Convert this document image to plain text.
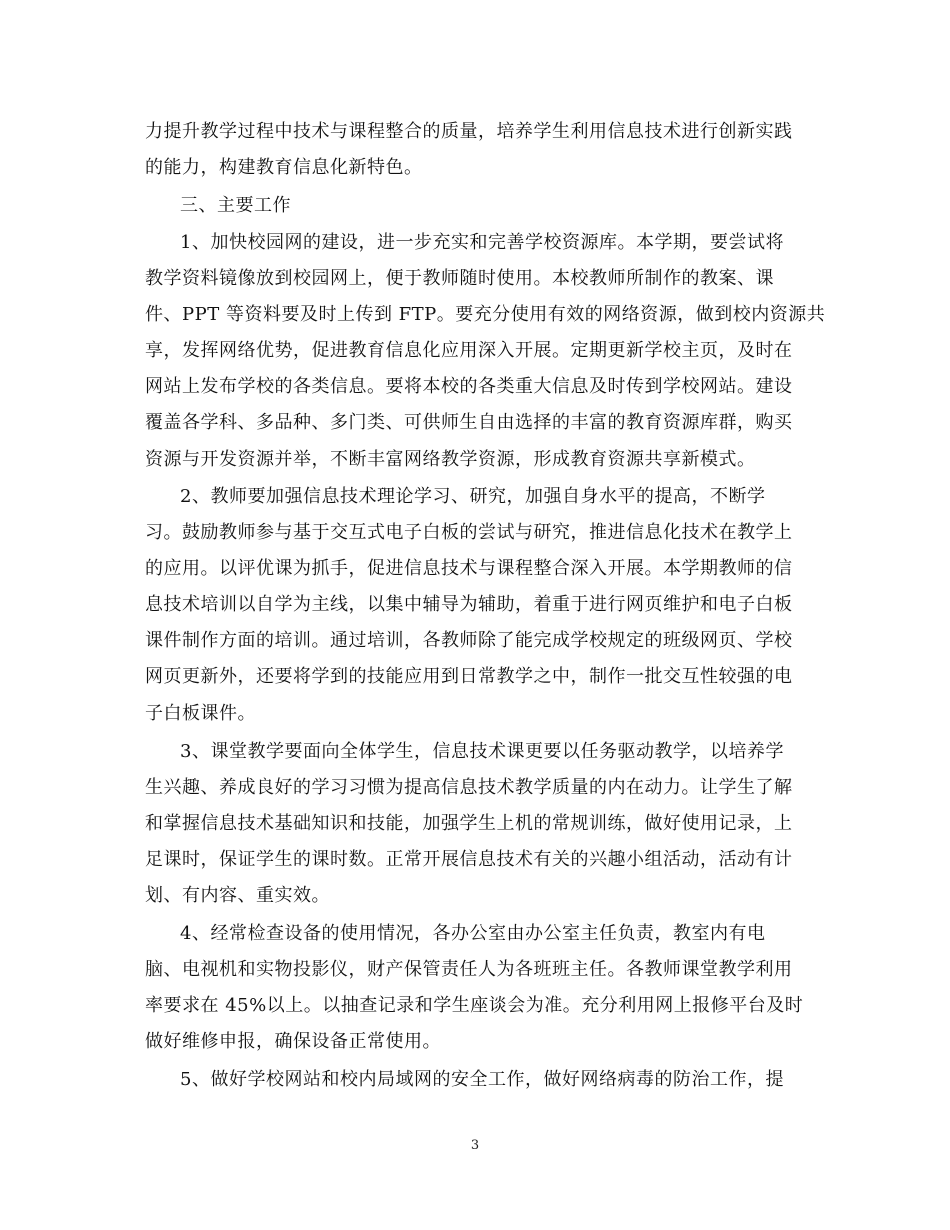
力提升教学过程中技术与课程整合的质量，培养学生利用信息技术进行创新实践
的能力，构建教育信息化新特色。
三、主要工作
1、加快校园网的建设，进一步充实和完善学校资源库。本学期，要尝试将
教学资料镜像放到校园网上，便于教师随时使用。本校教师所制作的教案、课
件、PPT 等资料要及时上传到 FTP。要充分使用有效的网络资源，做到校内资源共
享，发挥网络优势，促进教育信息化应用深入开展。定期更新学校主页，及时在
网站上发布学校的各类信息。要将本校的各类重大信息及时传到学校网站。建设
覆盖各学科、多品种、多门类、可供师生自由选择的丰富的教育资源库群，购买
资源与开发资源并举，不断丰富网络教学资源，形成教育资源共享新模式。
2、教师要加强信息技术理论学习、研究，加强自身水平的提高，不断学
习。鼓励教师参与基于交互式电子白板的尝试与研究，推进信息化技术在教学上
的应用。以评优课为抓手，促进信息技术与课程整合深入开展。本学期教师的信
息技术培训以自学为主线，以集中辅导为辅助，着重于进行网页维护和电子白板
课件制作方面的培训。通过培训，各教师除了能完成学校规定的班级网页、学校
网页更新外，还要将学到的技能应用到日常教学之中，制作一批交互性较强的电
子白板课件。
3、课堂教学要面向全体学生，信息技术课更要以任务驱动教学，以培养学
生兴趣、养成良好的学习习惯为提高信息技术教学质量的内在动力。让学生了解
和掌握信息技术基础知识和技能，加强学生上机的常规训练，做好使用记录，上
足课时，保证学生的课时数。正常开展信息技术有关的兴趣小组活动，活动有计
划、有内容、重实效。
4、经常检查设备的使用情况，各办公室由办公室主任负责，教室内有电
脑、电视机和实物投影仪，财产保管责任人为各班班主任。各教师课堂教学利用
率要求在 45%以上。以抽查记录和学生座谈会为准。充分利用网上报修平台及时
做好维修申报，确保设备正常使用。
5、做好学校网站和校内局域网的安全工作，做好网络病毒的防治工作，提
3
